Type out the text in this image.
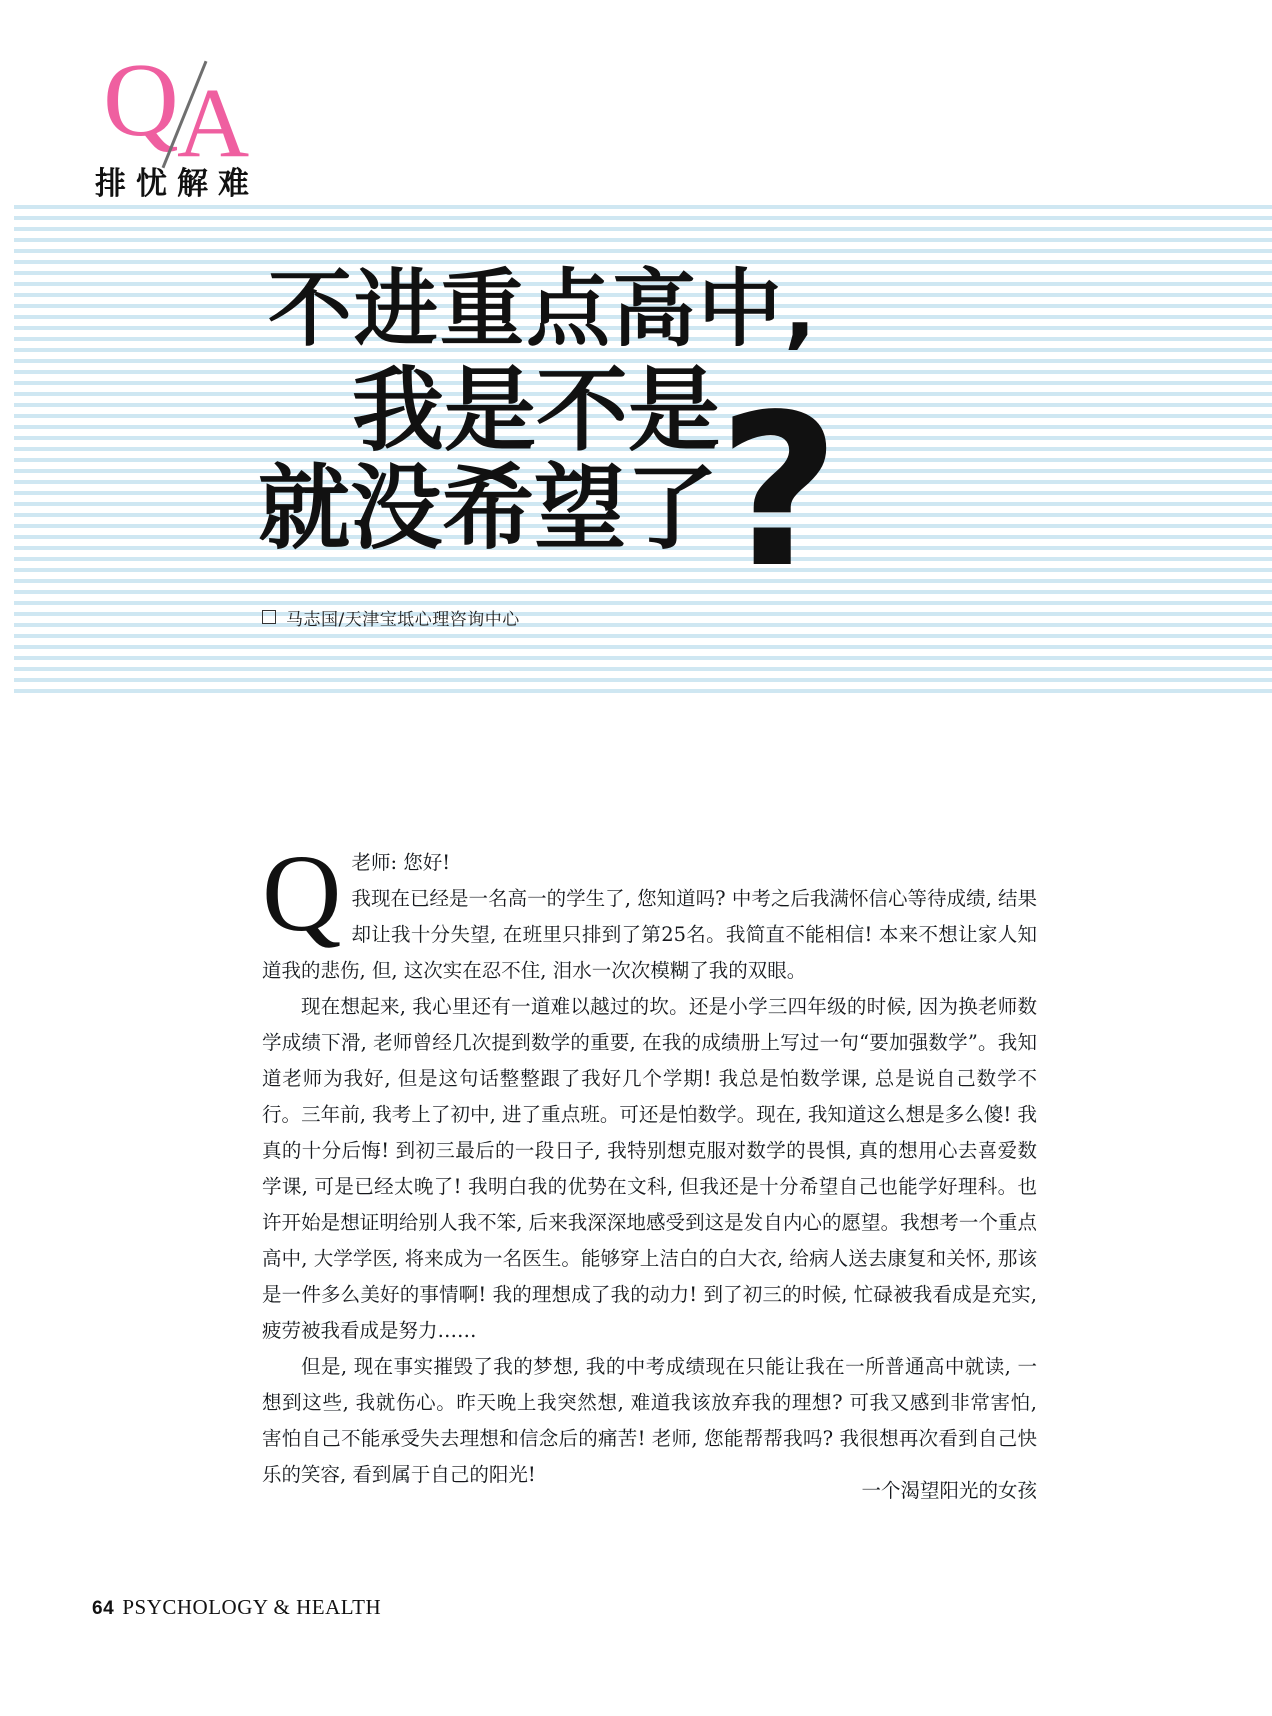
Q A
排忧解难
不进重点高中,
我是不是
就没希望了 ?
马志国/天津宝坻心理咨询中心
Q 老师: 您好!

我现在已经是一名高一的学生了, 您知道吗? 中考之后我满怀信心等待成绩, 结果却让我十分失望, 在班里只排到了第25名。我简直不能相信! 本来不想让家人知道我的悲伤, 但, 这次实在忍不住, 泪水一次次模糊了我的双眼。

现在想起来, 我心里还有一道难以越过的坎。还是小学三四年级的时候, 因为换老师数学成绩下滑, 老师曾经几次提到数学的重要, 在我的成绩册上写过一句“要加强数学”。我知道老师为我好, 但是这句话整整跟了我好几个学期! 我总是怕数学课, 总是说自己数学不行。三年前, 我考上了初中, 进了重点班。可还是怕数学。现在, 我知道这么想是多么傻! 我真的十分后悔! 到初三最后的一段日子, 我特别想克服对数学的畏惧, 真的想用心去喜爱数学课, 可是已经太晚了! 我明白我的优势在文科, 但我还是十分希望自己也能学好理科。也许开始是想证明给别人我不笨, 后来我深深地感受到这是发自内心的愿望。我想考一个重点高中, 大学学医, 将来成为一名医生。能够穿上洁白的白大衣, 给病人送去康复和关怀, 那该是一件多么美好的事情啊! 我的理想成了我的动力! 到了初三的时候, 忙碌被我看成是充实, 疲劳被我看成是努力……

但是, 现在事实摧毁了我的梦想, 我的中考成绩现在只能让我在一所普通高中就读, 一想到这些, 我就伤心。昨天晚上我突然想, 难道我该放弃我的理想? 可我又感到非常害怕, 害怕自己不能承受失去理想和信念后的痛苦! 老师, 您能帮帮我吗? 我很想再次看到自己快乐的笑容, 看到属于自己的阳光!

一个渴望阳光的女孩
64 PSYCHOLOGY & HEALTH
